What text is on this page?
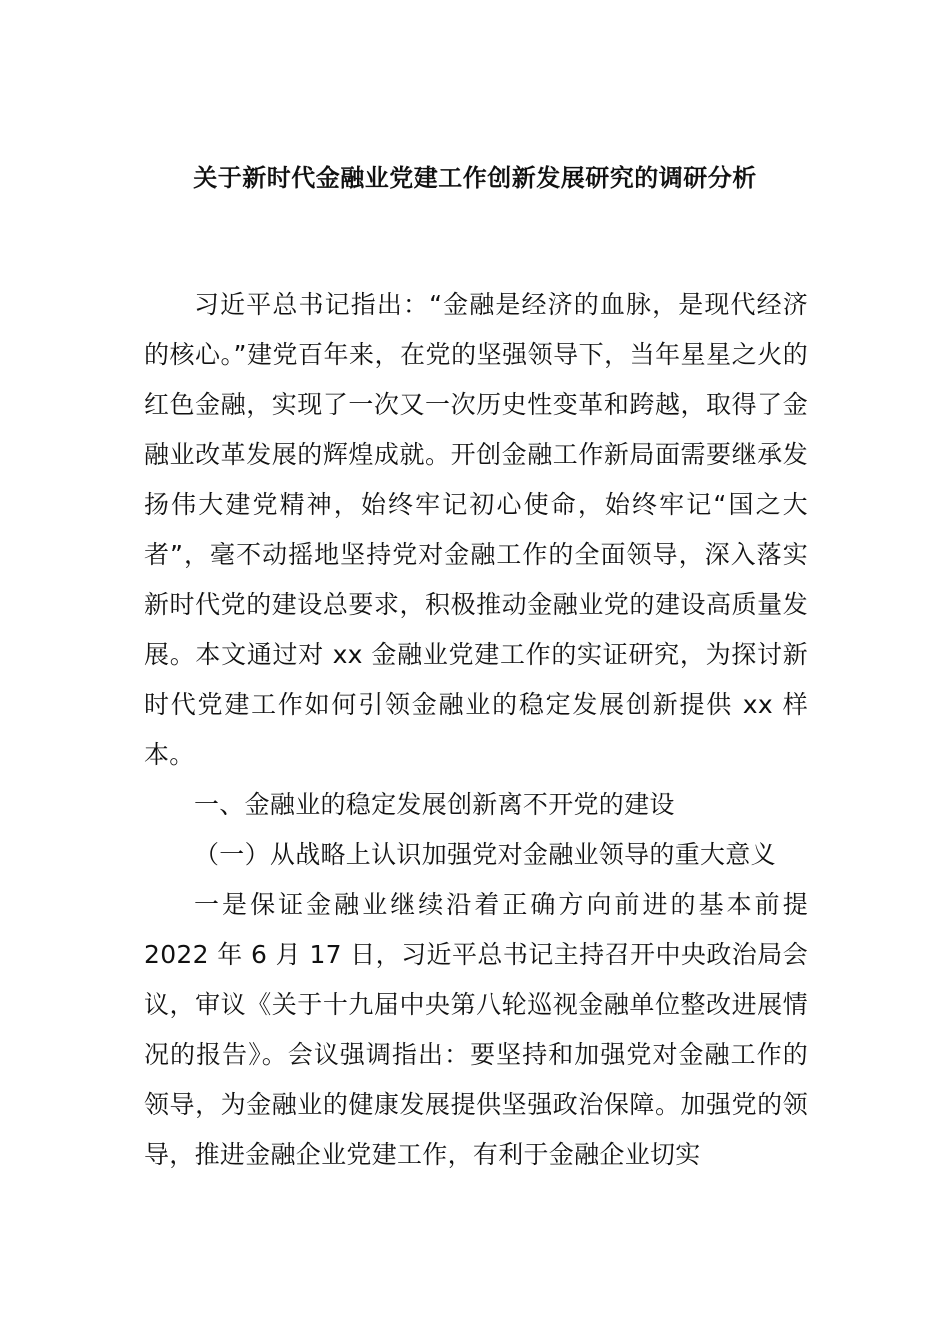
关于新时代金融业党建工作创新发展研究的调研分析

习近平总书记指出：“金融是经济的血脉，是现代经济的核心。”建党百年来，在党的坚强领导下，当年星星之火的红色金融，实现了一次又一次历史性变革和跨越，取得了金融业改革发展的辉煌成就。开创金融工作新局面需要继承发扬伟大建党精神，始终牢记初心使命，始终牢记“国之大者”，毫不动摇地坚持党对金融工作的全面领导，深入落实新时代党的建设总要求，积极推动金融业党的建设高质量发展。本文通过对 xx 金融业党建工作的实证研究，为探讨新时代党建工作如何引领金融业的稳定发展创新提供 xx 样本。

一、金融业的稳定发展创新离不开党的建设

（一）从战略上认识加强党对金融业领导的重大意义

一是保证金融业继续沿着正确方向前进的基本前提2022 年 6 月 17 日，习近平总书记主持召开中央政治局会议，审议《关于十九届中央第八轮巡视金融单位整改进展情况的报告》。会议强调指出：要坚持和加强党对金融工作的领导，为金融业的健康发展提供坚强政治保障。加强党的领导，推进金融企业党建工作，有利于金融企业切实
